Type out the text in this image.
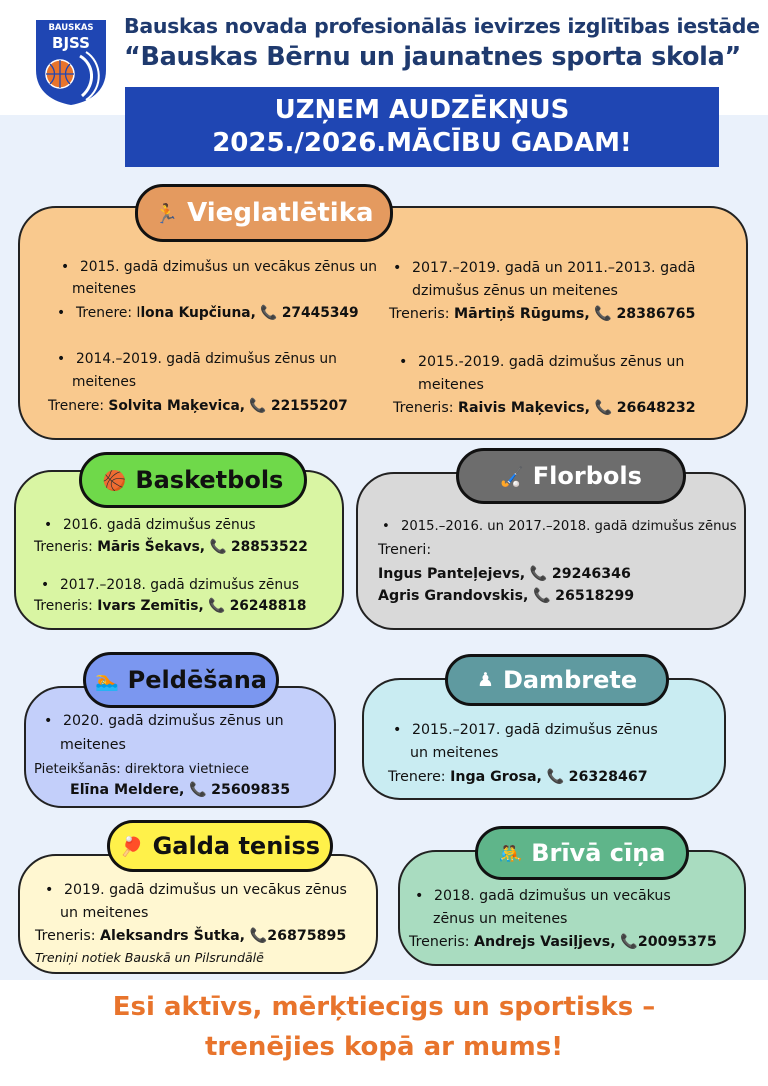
BAUSKAS
BJSS
Bauskas novada profesionālās ievirzes izglītības iestāde
“Bauskas Bērnu un jaunatnes sporta skola”
UZŅEM AUDZĒKŅUS
2025./2026.MĀCĪBU GADAM!
🏃 Vieglatlētika
• 2015. gadā dzimušus un vecākus zēnus un
meitenes
• Trenere: Ilona Kupčiuna, 📞 27445349
• 2014.–2019. gadā dzimušus zēnus un
meitenes
Trenere: Solvita Maķevica, 📞 22155207
• 2017.–2019. gadā un 2011.–2013. gadā
dzimušus zēnus un meitenes
Treneris: Mārtiņš Rūgums, 📞 28386765
• 2015.-2019. gadā dzimušus zēnus un
meitenes
Treneris: Raivis Maķevics, 📞 26648232
🏀 Basketbols
• 2016. gadā dzimušus zēnus
Treneris: Māris Šekavs, 📞 28853522
• 2017.–2018. gadā dzimušus zēnus
Treneris: Ivars Zemītis, 📞 26248818
🏑 Florbols
• 2015.–2016. un 2017.–2018. gadā dzimušus zēnus
Treneri:
Ingus Panteļejevs, 📞 29246346
Agris Grandovskis, 📞 26518299
🏊 Peldēšana
• 2020. gadā dzimušus zēnus un
meitenes
Pieteikšanās: direktora vietniece
Elīna Meldere, 📞 25609835
♟ Dambrete
• 2015.–2017. gadā dzimušus zēnus
un meitenes
Trenere: Inga Grosa, 📞 26328467
🏓 Galda teniss
• 2019. gadā dzimušus un vecākus zēnus
un meitenes
Treneris: Aleksandrs Šutka, 📞26875895
Treniņi notiek Bauskā un Pilsrundālē
🤼 Brīvā cīņa
• 2018. gadā dzimušus un vecākus
zēnus un meitenes
Treneris: Andrejs Vasiļjevs, 📞20095375
Esi aktīvs, mērķtiecīgs un sportisks –
trenējies kopā ar mums!
